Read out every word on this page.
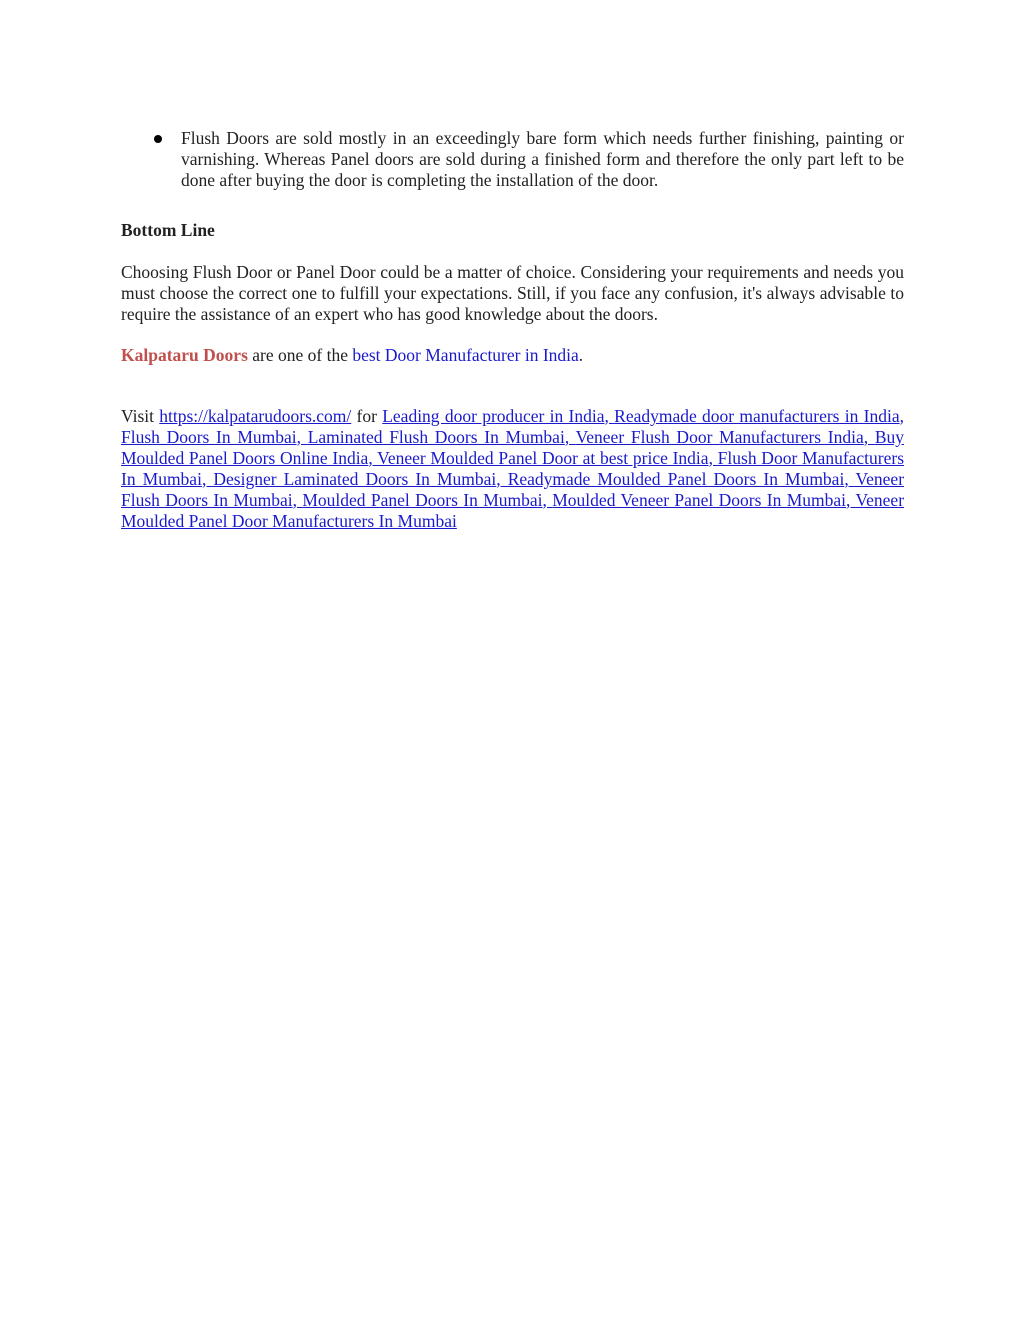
Flush Doors are sold mostly in an exceedingly bare form which needs further finishing, painting or varnishing. Whereas Panel doors are sold during a finished form and therefore the only part left to be done after buying the door is completing the installation of the door.
Bottom Line
Choosing Flush Door or Panel Door could be a matter of choice. Considering your requirements and needs you must choose the correct one to fulfill your expectations. Still, if you face any confusion, it's always advisable to require the assistance of an expert who has good knowledge about the doors.
Kalpataru Doors are one of the best Door Manufacturer in India.
Visit https://kalpatarudoors.com/ for Leading door producer in India, Readymade door manufacturers in India, Flush Doors In Mumbai, Laminated Flush Doors In Mumbai, Veneer Flush Door Manufacturers India, Buy Moulded Panel Doors Online India, Veneer Moulded Panel Door at best price India, Flush Door Manufacturers In Mumbai, Designer Laminated Doors In Mumbai, Readymade Moulded Panel Doors In Mumbai, Veneer Flush Doors In Mumbai, Moulded Panel Doors In Mumbai, Moulded Veneer Panel Doors In Mumbai, Veneer Moulded Panel Door Manufacturers In Mumbai
